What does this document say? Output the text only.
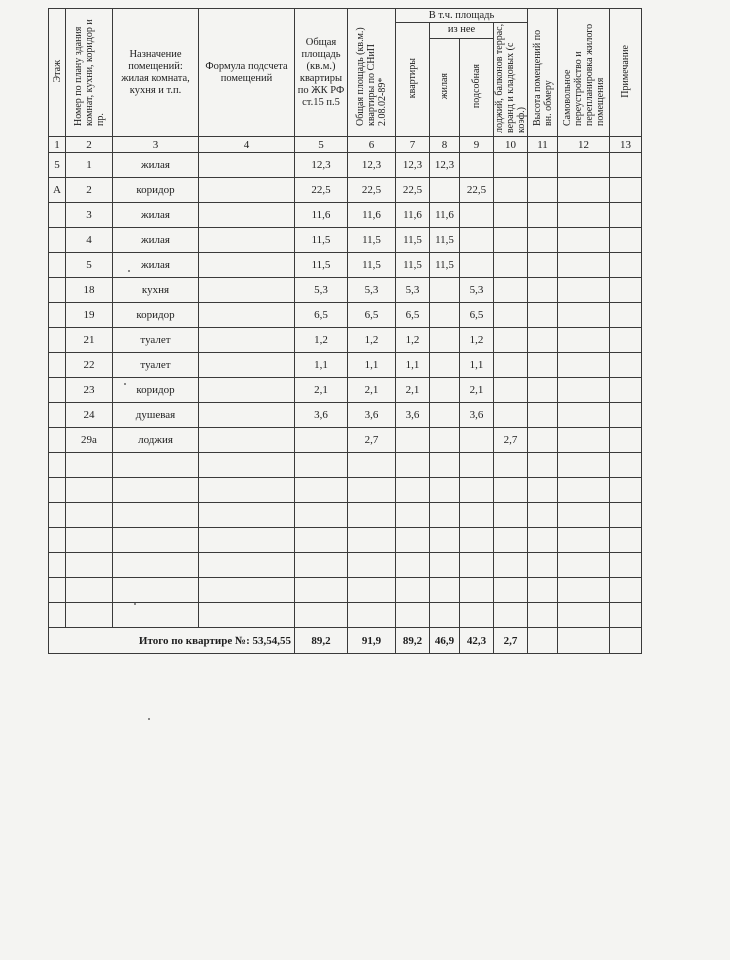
Этаж	Номер по плану здания комнат, кухни, коридор и пр.	Назначение помещений: жилая комната, кухня и т.п.	Формула подсчета помещений	Общая площадь (кв.м.) квартиры по ЖК РФ ст.15 п.5	Общая площадь (кв.м.) квартиры по СНиП 2.08.02-89*	В т.ч. площадь				Высота помещений по вн. обмеру	Самовольное переустройство и перепланировка жилого помещения	Примечание
						квартиры	из нее		лоджий, балконов террас, веранд и кладовых (с коэф.)			
							жилая	подсобная				
1	2	3	4	5	6	7	8	9	10	11	12	13
5	1	жилая		12,3	12,3	12,3	12,3					
А	2	коридор		22,5	22,5	22,5		22,5				
	3	жилая		11,6	11,6	11,6	11,6					
	4	жилая		11,5	11,5	11,5	11,5					
	5	жилая		11,5	11,5	11,5	11,5					
	18	кухня		5,3	5,3	5,3		5,3				
	19	коридор		6,5	6,5	6,5		6,5				
	21	туалет		1,2	1,2	1,2		1,2				
	22	туалет		1,1	1,1	1,1		1,1				
	23	коридор		2,1	2,1	2,1		2,1				
	24	душевая		3,6	3,6	3,6		3,6				
	29а	лоджия			2,7				2,7			

Итого по квартире №: 53,54,55				89,2	91,9	89,2	46,9	42,3	2,7			
